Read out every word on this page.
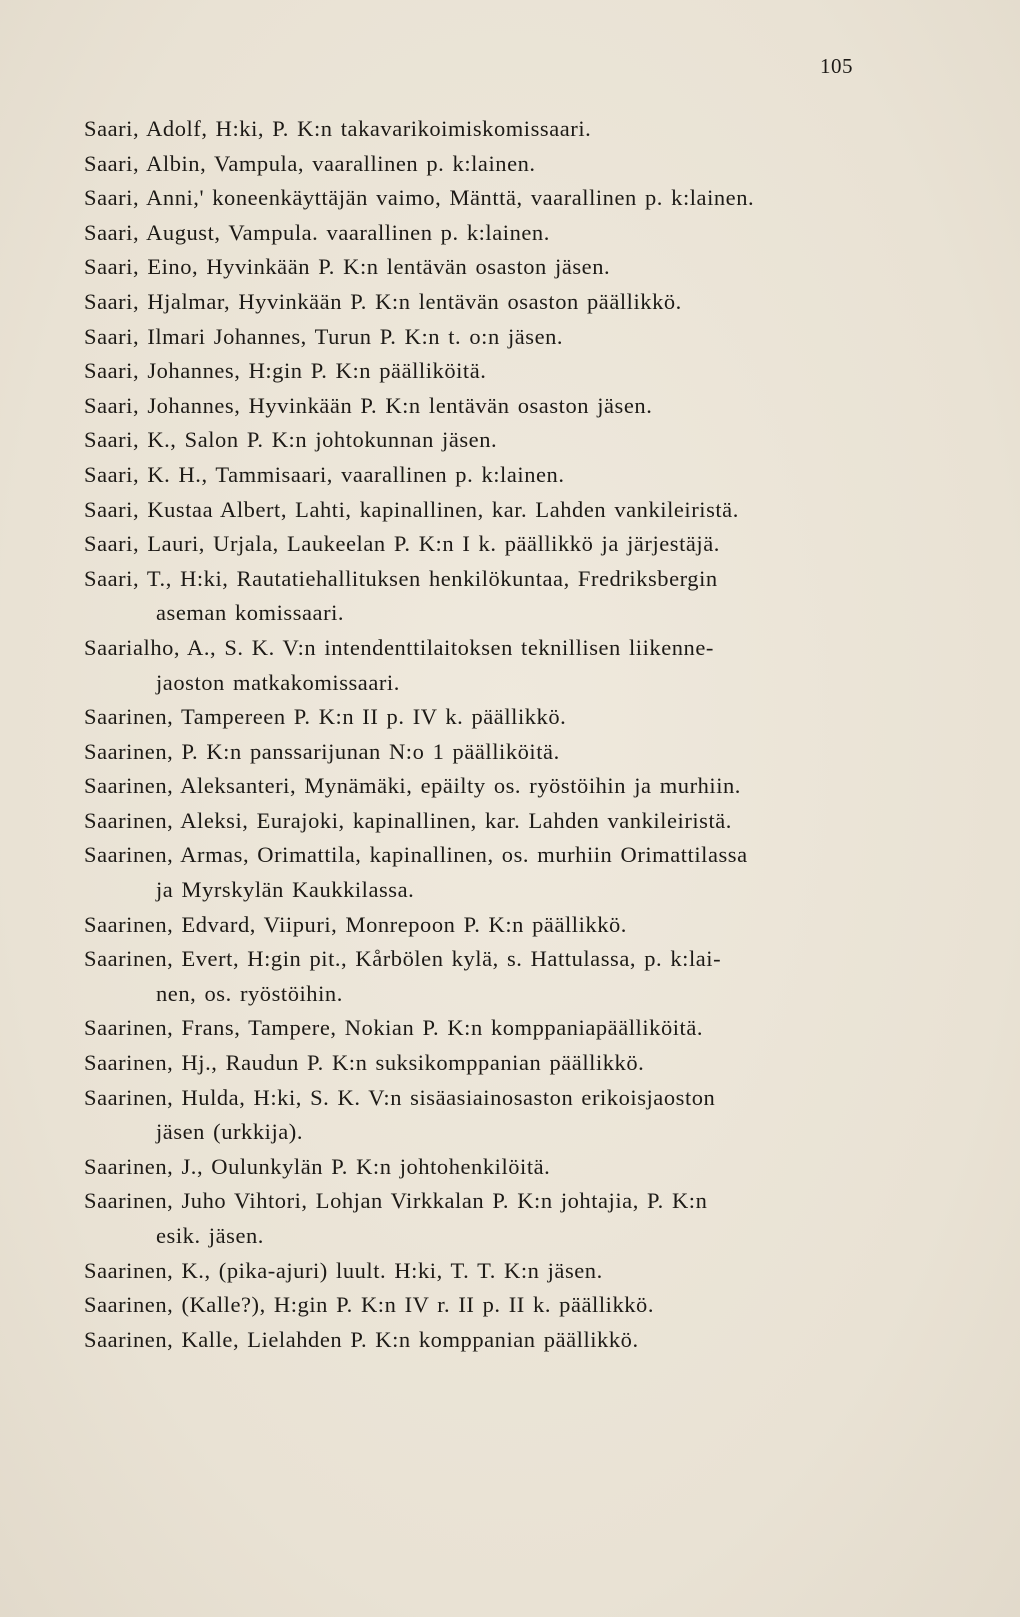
105
Saari, Adolf, H:ki, P. K:n takavarikoimiskomissaari.
Saari, Albin, Vampula, vaarallinen p. k:lainen.
Saari, Anni,' koneenkäyttäjän vaimo, Mänttä, vaarallinen p. k:lainen.
Saari, August, Vampula. vaarallinen p. k:lainen.
Saari, Eino, Hyvinkään P. K:n lentävän osaston jäsen.
Saari, Hjalmar, Hyvinkään P. K:n lentävän osaston päällikkö.
Saari, Ilmari Johannes, Turun P. K:n t. o:n jäsen.
Saari, Johannes, H:gin P. K:n päälliköitä.
Saari, Johannes, Hyvinkään P. K:n lentävän osaston jäsen.
Saari, K., Salon P. K:n johtokunnan jäsen.
Saari, K. H., Tammisaari, vaarallinen p. k:lainen.
Saari, Kustaa Albert, Lahti, kapinallinen, kar. Lahden vankileiristä.
Saari, Lauri, Urjala, Laukeelan P. K:n I k. päällikkö ja järjestäjä.
Saari, T., H:ki, Rautatiehallituksen henkilökuntaa, Fredriksbergin
aseman komissaari.
Saarialho, A., S. K. V:n intendenttilaitoksen teknillisen liikenne-
jaoston matkakomissaari.
Saarinen, Tampereen P. K:n II p. IV k. päällikkö.
Saarinen, P. K:n panssarijunan N:o 1 päälliköitä.
Saarinen, Aleksanteri, Mynämäki, epäilty os. ryöstöihin ja murhiin.
Saarinen, Aleksi, Eurajoki, kapinallinen, kar. Lahden vankileiristä.
Saarinen, Armas, Orimattila, kapinallinen, os. murhiin Orimattilassa
ja Myrskylän Kaukkilassa.
Saarinen, Edvard, Viipuri, Monrepoon P. K:n päällikkö.
Saarinen, Evert, H:gin pit., Kårbölen kylä, s. Hattulassa, p. k:lai-
nen, os. ryöstöihin.
Saarinen, Frans, Tampere, Nokian P. K:n komppaniapäälliköitä.
Saarinen, Hj., Raudun P. K:n suksikomppanian päällikkö.
Saarinen, Hulda, H:ki, S. K. V:n sisäasiainosaston erikoisjaoston
jäsen (urkkija).
Saarinen, J., Oulunkylän P. K:n johtohenkilöitä.
Saarinen, Juho Vihtori, Lohjan Virkkalan P. K:n johtajia, P. K:n
esik. jäsen.
Saarinen, K., (pika-ajuri) luult. H:ki, T. T. K:n jäsen.
Saarinen, (Kalle?), H:gin P. K:n IV r. II p. II k. päällikkö.
Saarinen, Kalle, Lielahden P. K:n komppanian päällikkö.
